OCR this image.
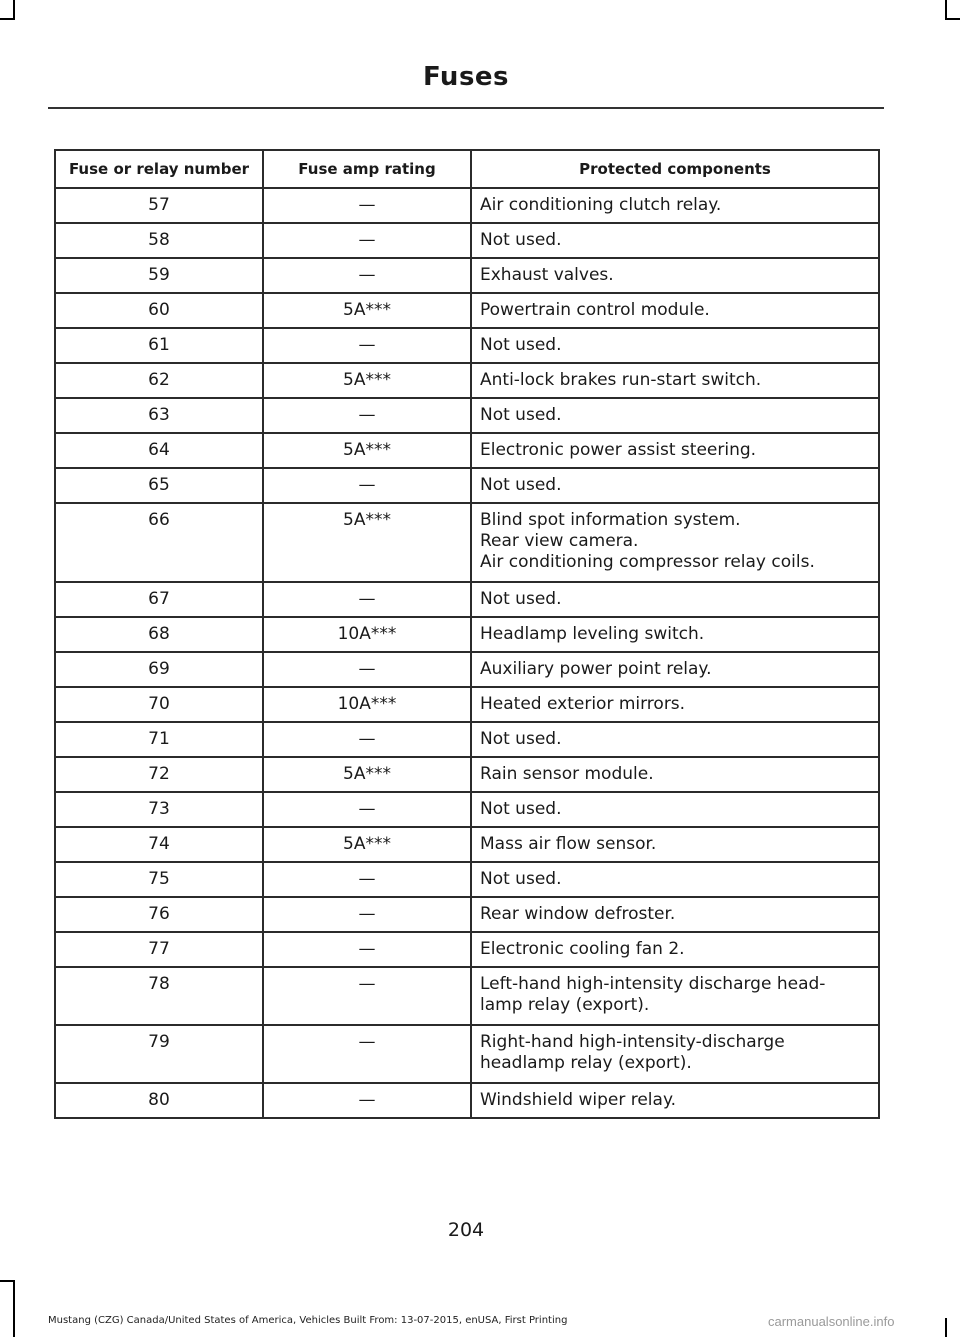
Fuses
Fuse or relay number	Fuse amp rating	Protected components
57	—	Air conditioning clutch relay.
58	—	Not used.
59	—	Exhaust valves.
60	5A***	Powertrain control module.
61	—	Not used.
62	5A***	Anti-lock brakes run-start switch.
63	—	Not used.
64	5A***	Electronic power assist steering.
65	—	Not used.
66	5A***	Blind spot information system.
Rear view camera.
Air conditioning compressor relay coils.
67	—	Not used.
68	10A***	Headlamp leveling switch.
69	—	Auxiliary power point relay.
70	10A***	Heated exterior mirrors.
71	—	Not used.
72	5A***	Rain sensor module.
73	—	Not used.
74	5A***	Mass air flow sensor.
75	—	Not used.
76	—	Rear window defroster.
77	—	Electronic cooling fan 2.
78	—	Left-hand high-intensity discharge head-
lamp relay (export).
79	—	Right-hand high-intensity-discharge
headlamp relay (export).
80	—	Windshield wiper relay.
204
Mustang (CZG) Canada/United States of America, Vehicles Built From: 13-07-2015, enUSA, First Printing	carmanualsonline.info
